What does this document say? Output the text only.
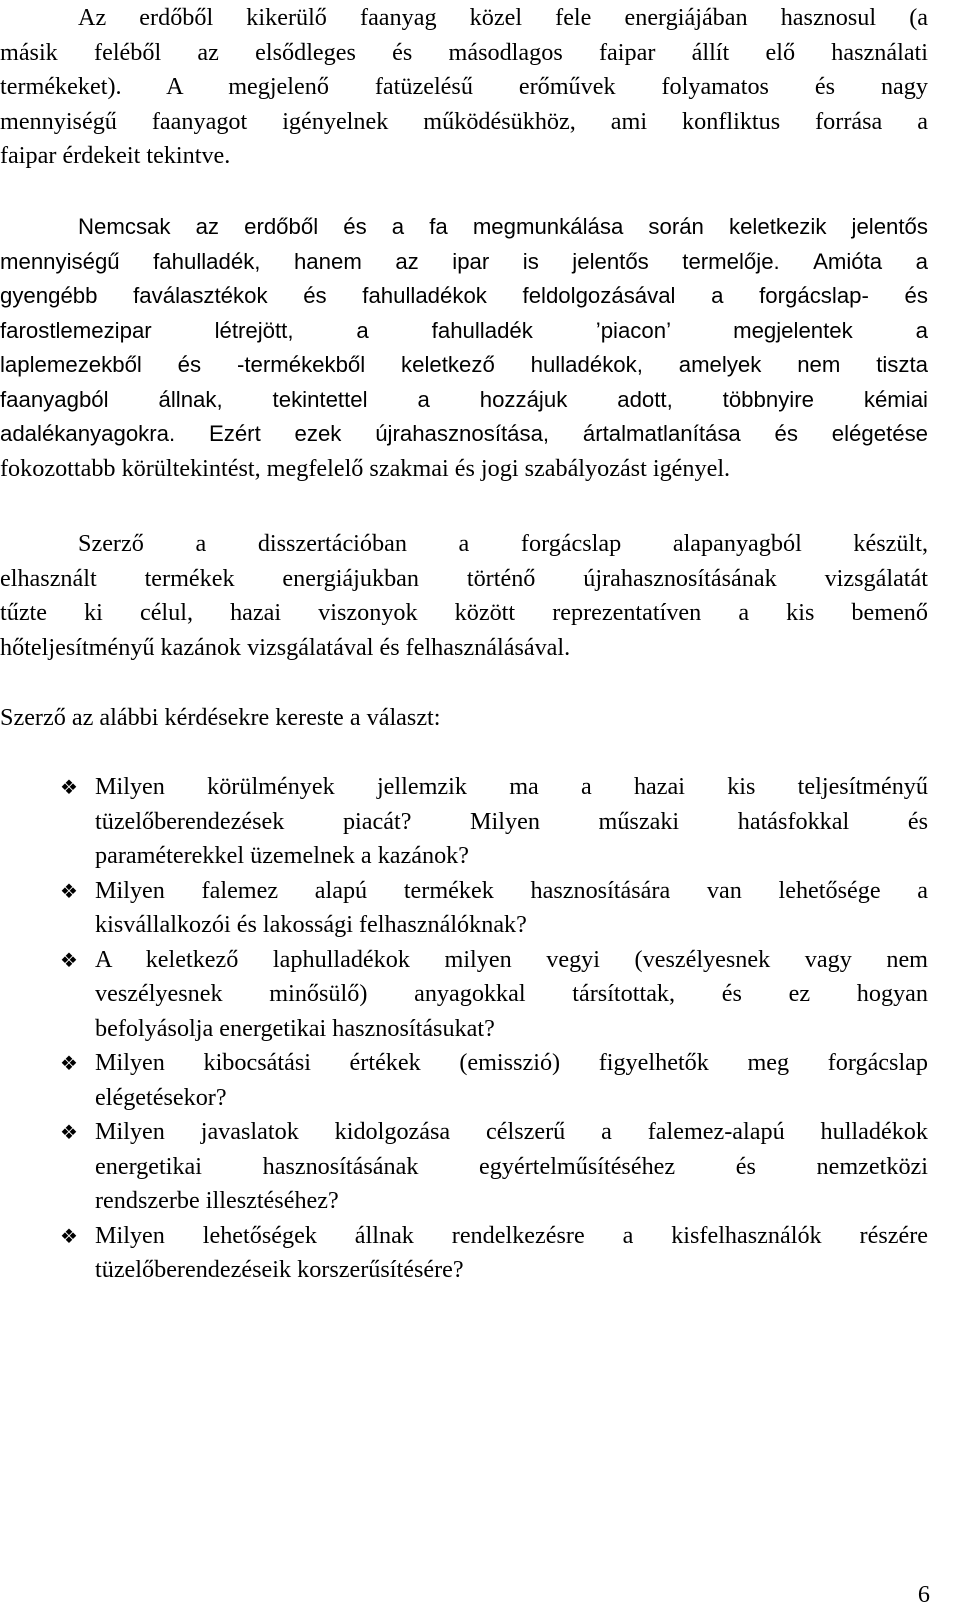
Az erdőből kikerülő faanyag közel fele energiájában hasznosul (a
másik feléből az elsődleges és másodlagos faipar állít elő használati
termékeket). A megjelenő fatüzelésű erőművek folyamatos és nagy
mennyiségű faanyagot igényelnek működésükhöz, ami konfliktus forrása a
faipar érdekeit tekintve.
Nemcsak az erdőből és a fa megmunkálása során keletkezik jelentős
mennyiségű fahulladék, hanem az ipar is jelentős termelője. Amióta a
gyengébb faválasztékok és fahulladékok feldolgozásával a forgácslap- és
farostlemezipar létrejött, a fahulladék ’piacon’ megjelentek a
laplemezekből és -termékekből keletkező hulladékok, amelyek nem tiszta
faanyagból állnak, tekintettel a hozzájuk adott, többnyire kémiai
adalékanyagokra. Ezért ezek újrahasznosítása, ártalmatlanítása és elégetése
fokozottabb körültekintést, megfelelő szakmai és jogi szabályozást igényel.
Szerző a disszertációban a forgácslap alapanyagból készült,
elhasznált termékek energiájukban történő újrahasznosításának vizsgálatát
tűzte ki célul, hazai viszonyok között reprezentatíven a kis bemenő
hőteljesítményű kazánok vizsgálatával és felhasználásával.
Szerző az alábbi kérdésekre kereste a választ:
❖ Milyen körülmények jellemzik ma a hazai kis teljesítményű
tüzelőberendezések piacát? Milyen műszaki hatásfokkal és
paraméterekkel üzemelnek a kazánok?
❖ Milyen falemez alapú termékek hasznosítására van lehetősége a
kisvállalkozói és lakossági felhasználóknak?
❖ A keletkező laphulladékok milyen vegyi (veszélyesnek vagy nem
veszélyesnek minősülő) anyagokkal társítottak, és ez hogyan
befolyásolja energetikai hasznosításukat?
❖ Milyen kibocsátási értékek (emisszió) figyelhetők meg forgácslap
elégetésekor?
❖ Milyen javaslatok kidolgozása célszerű a falemez-alapú hulladékok
energetikai hasznosításának egyértelműsítéséhez és nemzetközi
rendszerbe illesztéséhez?
❖ Milyen lehetőségek állnak rendelkezésre a kisfelhasználók részére
tüzelőberendezéseik korszerűsítésére?
6
